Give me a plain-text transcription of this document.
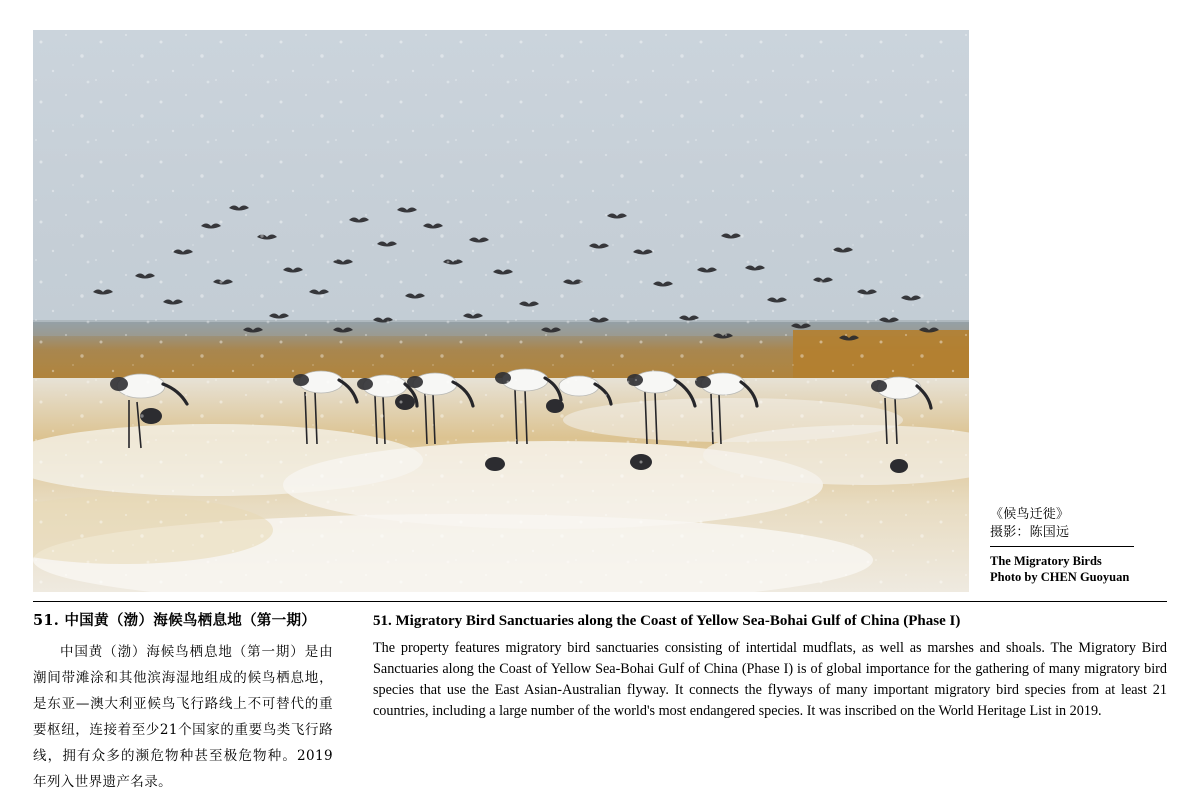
《候鸟迁徙》
摄影：陈国远
The Migratory Birds
Photo by CHEN Guoyuan
51. 中国黄（渤）海候鸟栖息地（第一期）

中国黄（渤）海候鸟栖息地（第一期）是由潮间带滩涂和其他滨海湿地组成的候鸟栖息地，是东亚—澳大利亚候鸟飞行路线上不可替代的重要枢纽，连接着至少21个国家的重要鸟类飞行路线，拥有众多的濒危物种甚至极危物种。2019年列入世界遗产名录。

51. Migratory Bird Sanctuaries along the Coast of Yellow Sea-Bohai Gulf of China (Phase I)

The property features migratory bird sanctuaries consisting of intertidal mudflats, as well as marshes and shoals. The Migratory Bird Sanctuaries along the Coast of Yellow Sea-Bohai Gulf of China (Phase I) is of global importance for the gathering of many migratory bird species that use the East Asian-Australian flyway. It connects the flyways of many important migratory bird species from at least 21 countries, including a large number of the world's most endangered species. It was inscribed on the World Heritage List in 2019.
